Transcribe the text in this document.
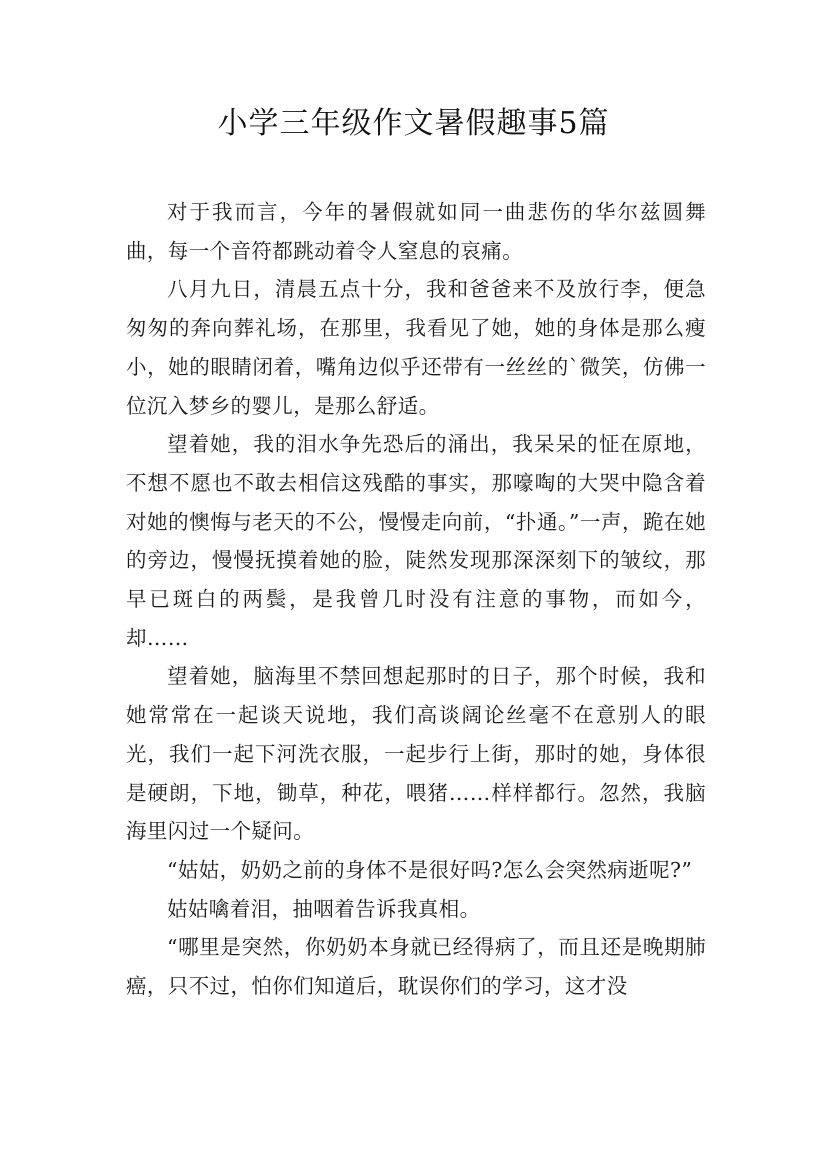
小学三年级作文暑假趣事5篇

对于我而言，今年的暑假就如同一曲悲伤的华尔兹圆舞曲，每一个音符都跳动着令人窒息的哀痛。

八月九日，清晨五点十分，我和爸爸来不及放行李，便急匆匆的奔向葬礼场，在那里，我看见了她，她的身体是那么瘦小，她的眼睛闭着，嘴角边似乎还带有一丝丝的`微笑，仿佛一位沉入梦乡的婴儿，是那么舒适。

望着她，我的泪水争先恐后的涌出，我呆呆的怔在原地，不想不愿也不敢去相信这残酷的事实，那嚎啕的大哭中隐含着对她的懊悔与老天的不公，慢慢走向前，“扑通。”一声，跪在她的旁边，慢慢抚摸着她的脸，陡然发现那深深刻下的皱纹，那早已斑白的两鬓，是我曾几时没有注意的事物，而如今，却……

望着她，脑海里不禁回想起那时的日子，那个时候，我和她常常在一起谈天说地，我们高谈阔论丝毫不在意别人的眼光，我们一起下河洗衣服，一起步行上街，那时的她，身体很是硬朗，下地，锄草，种花，喂猪……样样都行。忽然，我脑海里闪过一个疑问。

“姑姑，奶奶之前的身体不是很好吗?怎么会突然病逝呢?”

姑姑噙着泪，抽咽着告诉我真相。

“哪里是突然，你奶奶本身就已经得病了，而且还是晚期肺癌，只不过，怕你们知道后，耽误你们的学习，这才没
